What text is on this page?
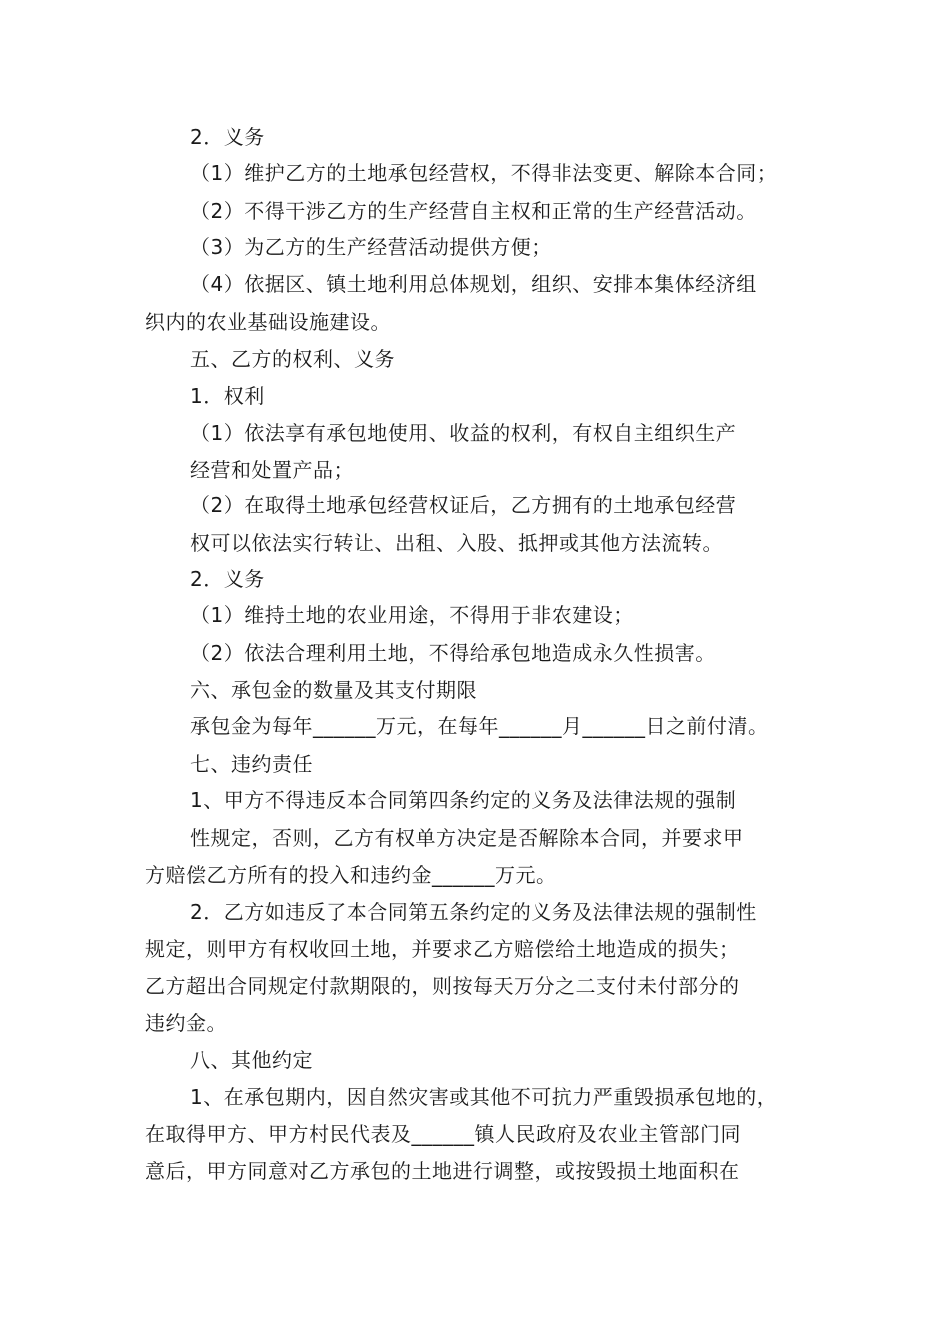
2．义务
（1）维护乙方的土地承包经营权，不得非法变更、解除本合同；
（2）不得干涉乙方的生产经营自主权和正常的生产经营活动。
（3）为乙方的生产经营活动提供方便；
（4）依据区、镇土地利用总体规划，组织、安排本集体经济组
织内的农业基础设施建设。
五、乙方的权利、义务
1．权利
（1）依法享有承包地使用、收益的权利，有权自主组织生产
经营和处置产品；
（2）在取得土地承包经营权证后，乙方拥有的土地承包经营
权可以依法实行转让、出租、入股、抵押或其他方法流转。
2．义务
（1）维持土地的农业用途，不得用于非农建设；
（2）依法合理利用土地，不得给承包地造成永久性损害。
六、承包金的数量及其支付期限
承包金为每年______万元，在每年______月______日之前付清。
七、违约责任
1、甲方不得违反本合同第四条约定的义务及法律法规的强制
性规定，否则，乙方有权单方决定是否解除本合同，并要求甲
方赔偿乙方所有的投入和违约金______万元。
2．乙方如违反了本合同第五条约定的义务及法律法规的强制性
规定，则甲方有权收回土地，并要求乙方赔偿给土地造成的损失；
乙方超出合同规定付款期限的，则按每天万分之二支付未付部分的
违约金。
八、其他约定
1、在承包期内，因自然灾害或其他不可抗力严重毁损承包地的，
在取得甲方、甲方村民代表及______镇人民政府及农业主管部门同
意后，甲方同意对乙方承包的土地进行调整，或按毁损土地面积在
